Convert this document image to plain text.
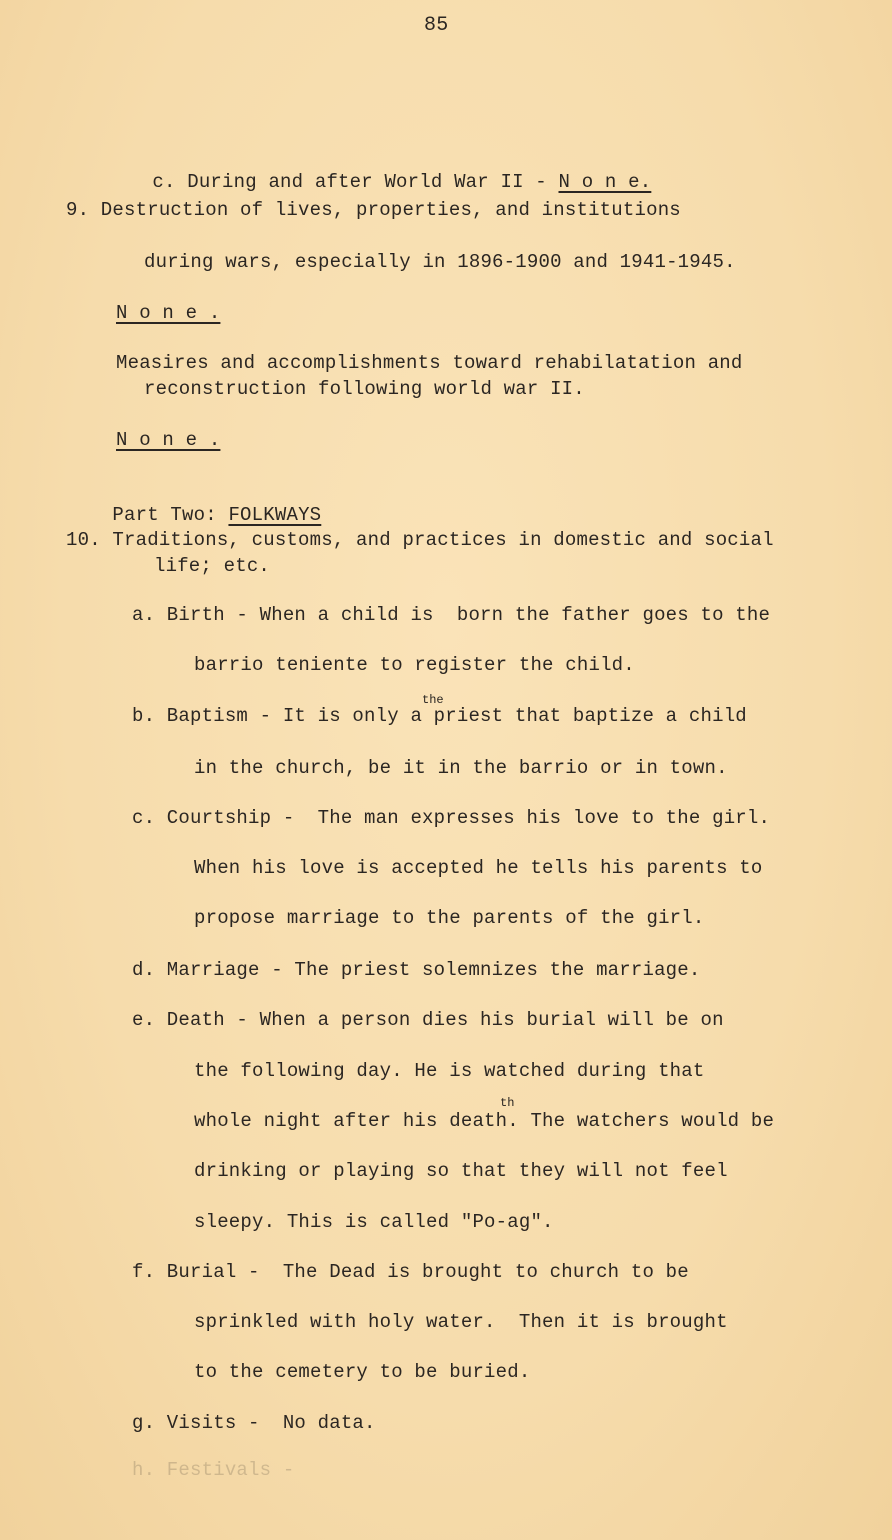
85

c. During and after World War II - N o n e.

9. Destruction of lives, properties, and institutions
during wars, especially in 1896-1900 and 1941-1945.
N o n e .
Measires and accomplishments toward rehabilatation and
reconstruction following world war II.
N o n e .

Part Two: FOLKWAYS

10. Traditions, customs, and practices in domestic and social
life; etc.
a. Birth - When a child is  born the father goes to the
barrio teniente to register the child.
the
b. Baptism - It is only a priest that baptize a child
in the church, be it in the barrio or in town.
c. Courtship -  The man expresses his love to the girl.
When his love is accepted he tells his parents to
propose marriage to the parents of the girl.
d. Marriage - The priest solemnizes the marriage.
e. Death - When a person dies his burial will be on
the following day. He is watched during that
th
whole night after his death. The watchers would be
drinking or playing so that they will not feel
sleepy. This is called "Po-ag".
f. Burial -  The Dead is brought to church to be
sprinkled with holy water.  Then it is brought
to the cemetery to be buried.
g. Visits -  No data.
h. Festivals -
